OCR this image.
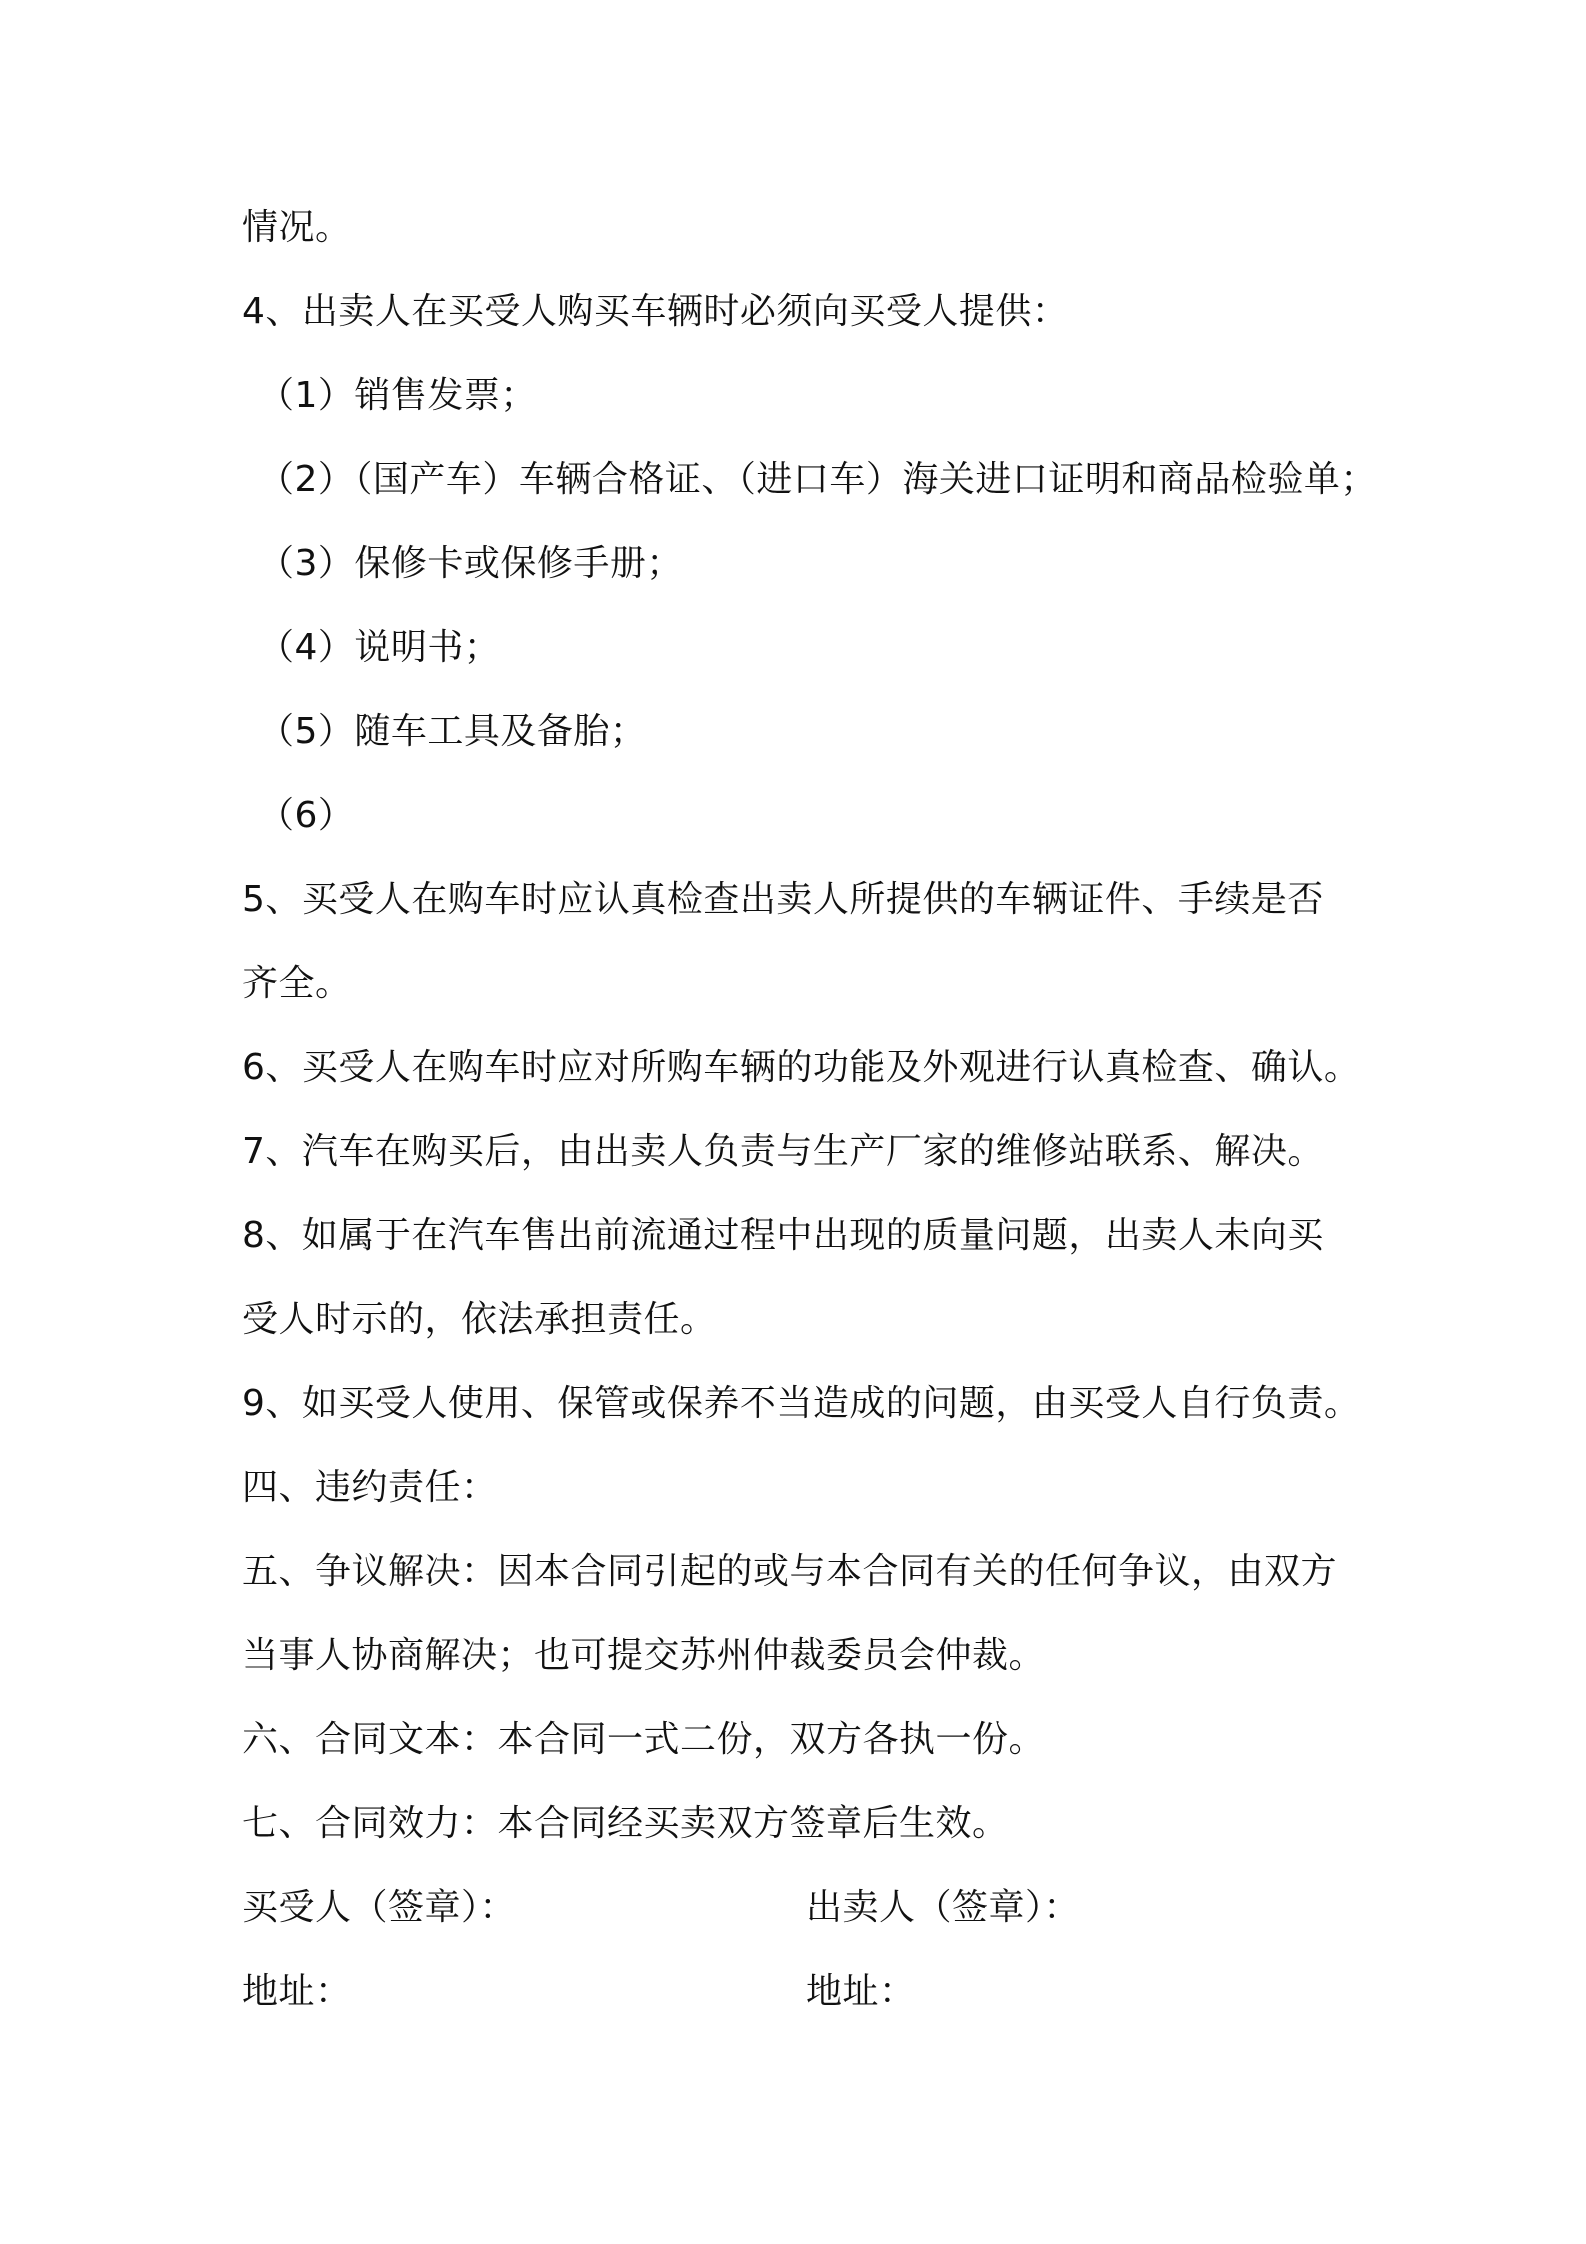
情况。
4、出卖人在买受人购买车辆时必须向买受人提供：
（1）销售发票；
（2）（国产车）车辆合格证、（进口车）海关进口证明和商品检验单；
（3）保修卡或保修手册；
（4）说明书；
（5）随车工具及备胎；
（6）
5、买受人在购车时应认真检查出卖人所提供的车辆证件、手续是否
齐全。
6、买受人在购车时应对所购车辆的功能及外观进行认真检查、确认。
7、汽车在购买后，由出卖人负责与生产厂家的维修站联系、解决。
8、如属于在汽车售出前流通过程中出现的质量问题，出卖人未向买
受人时示的，依法承担责任。
9、如买受人使用、保管或保养不当造成的问题，由买受人自行负责。
四、违约责任：
五、争议解决：因本合同引起的或与本合同有关的任何争议，由双方
当事人协商解决；也可提交苏州仲裁委员会仲裁。
六、合同文本：本合同一式二份，双方各执一份。
七、合同效力：本合同经买卖双方签章后生效。
买受人（签章）：	出卖人（签章）：
地址：	地址：
